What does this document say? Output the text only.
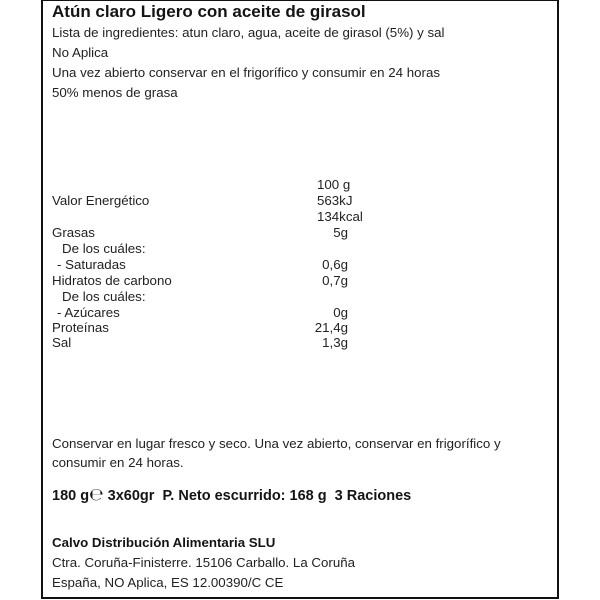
Atún claro Ligero con aceite de girasol
Lista de ingredientes: atun claro, agua, aceite de girasol (5%) y sal
No Aplica
Una vez abierto conservar en el frigorífico y consumir en 24 horas
50% menos de grasa
100 g
Valor Energético	563kJ
134kcal
Grasas	5g
De los cuáles:
- Saturadas	0,6g
Hidratos de carbono	0,7g
De los cuáles:
- Azúcares	0g
Proteínas	21,4g
Sal	1,3g
Conservar en lugar fresco y seco. Una vez abierto, conservar en frigorífico y
consumir en 24 horas.
180 g℮ 3x60gr P. Neto escurrido: 168 g 3 Raciones
Calvo Distribución Alimentaria SLU
Ctra. Coruña-Finisterre. 15106 Carballo. La Coruña
España, NO Aplica, ES 12.00390/C CE
